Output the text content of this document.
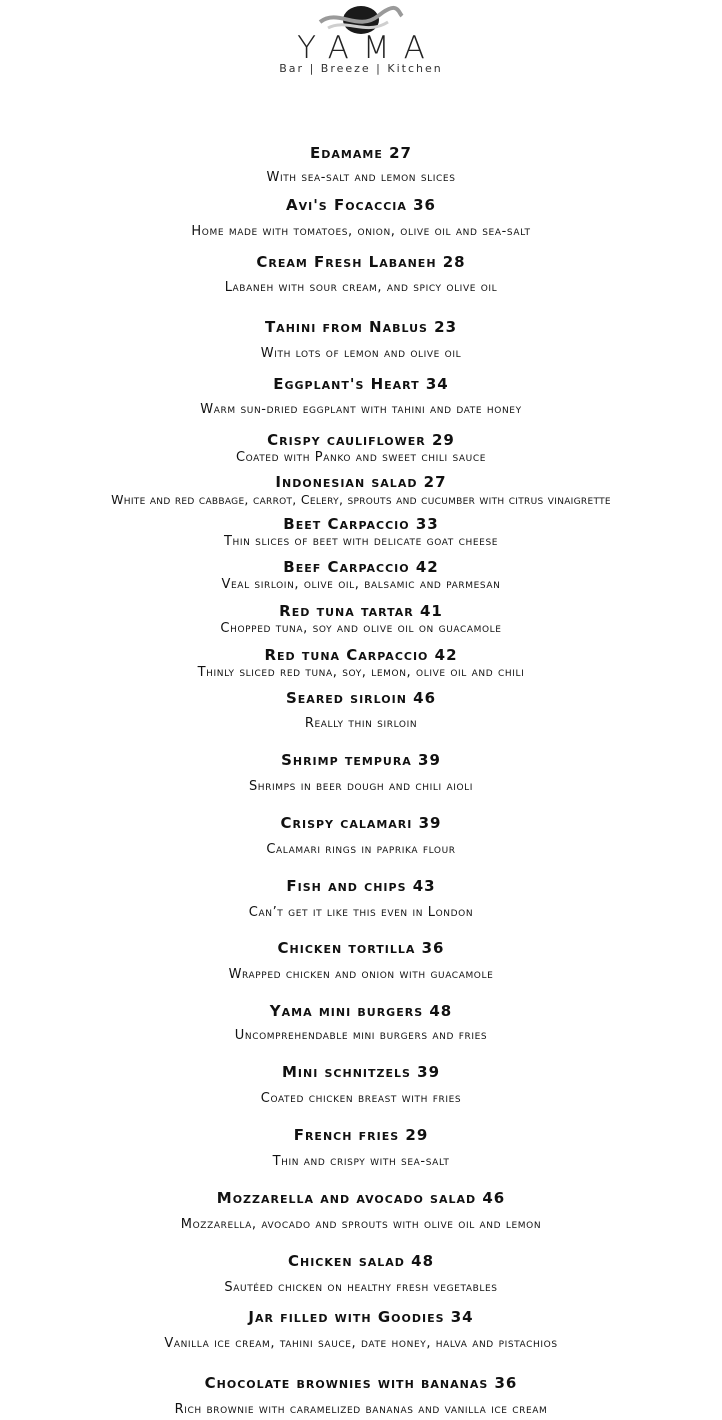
YAMA
Bar | Breeze | Kitchen
Edamame 27
With sea-salt and lemon slices
Avi's Focaccia 36
Home made with tomatoes, onion, olive oil and sea-salt
Cream Fresh Labaneh 28
Labaneh with sour cream, and spicy olive oil
Tahini from Nablus 23
With lots of lemon and olive oil
Eggplant's Heart 34
Warm sun-dried eggplant with tahini and date honey
Crispy cauliflower 29
Coated with Panko and sweet chili sauce
Indonesian salad 27
White and red cabbage, carrot, Celery, sprouts and cucumber with citrus vinaigrette
Beet Carpaccio 33
Thin slices of beet with delicate goat cheese
Beef Carpaccio 42
Veal sirloin, olive oil, balsamic and parmesan
Red tuna tartar 41
Chopped tuna, soy and olive oil on guacamole
Red tuna Carpaccio 42
Thinly sliced red tuna, soy, lemon, olive oil and chili
Seared sirloin 46
Really thin sirloin
Shrimp tempura 39
Shrimps in beer dough and chili aioli
Crispy calamari 39
Calamari rings in paprika flour
Fish and chips 43
Can’t get it like this even in London
Chicken tortilla 36
Wrapped chicken and onion with guacamole
Yama mini burgers 48
Uncomprehendable mini burgers and fries
Mini schnitzels 39
Coated chicken breast with fries
French fries 29
Thin and crispy with sea-salt
Mozzarella and avocado salad 46
Mozzarella, avocado and sprouts with olive oil and lemon
Chicken salad 48
Sautéed chicken on healthy fresh vegetables
Jar filled with Goodies 34
Vanilla ice cream, tahini sauce, date honey, halva and pistachios
Chocolate brownies with bananas 36
Rich brownie with caramelized bananas and vanilla ice cream
